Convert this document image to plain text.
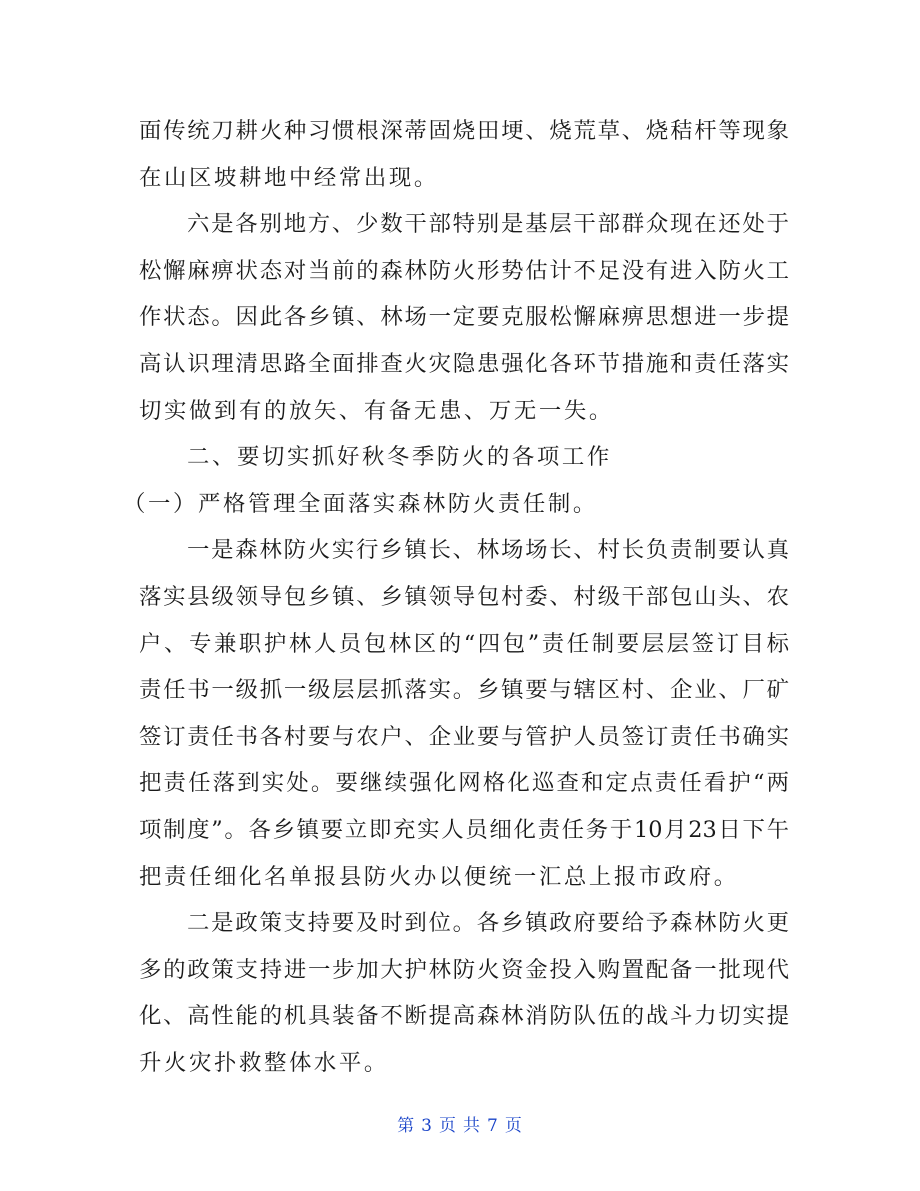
面传统刀耕火种习惯根深蒂固烧田埂、烧荒草、烧秸杆等现象
在山区坡耕地中经常出现。
六是各别地方、少数干部特别是基层干部群众现在还处于
松懈麻痹状态对当前的森林防火形势估计不足没有进入防火工
作状态。因此各乡镇、林场一定要克服松懈麻痹思想进一步提
高认识理清思路全面排查火灾隐患强化各环节措施和责任落实
切实做到有的放矢、有备无患、万无一失。
二、要切实抓好秋冬季防火的各项工作
（一）严格管理全面落实森林防火责任制。
一是森林防火实行乡镇长、林场场长、村长负责制要认真
落实县级领导包乡镇、乡镇领导包村委、村级干部包山头、农
户、专兼职护林人员包林区的“四包”责任制要层层签订目标
责任书一级抓一级层层抓落实。乡镇要与辖区村、企业、厂矿
签订责任书各村要与农户、企业要与管护人员签订责任书确实
把责任落到实处。要继续强化网格化巡查和定点责任看护“两
项制度”。各乡镇要立即充实人员细化责任务于10月23日下午
把责任细化名单报县防火办以便统一汇总上报市政府。
二是政策支持要及时到位。各乡镇政府要给予森林防火更
多的政策支持进一步加大护林防火资金投入购置配备一批现代
化、高性能的机具装备不断提高森林消防队伍的战斗力切实提
升火灾扑救整体水平。
第 3 页 共 7 页
